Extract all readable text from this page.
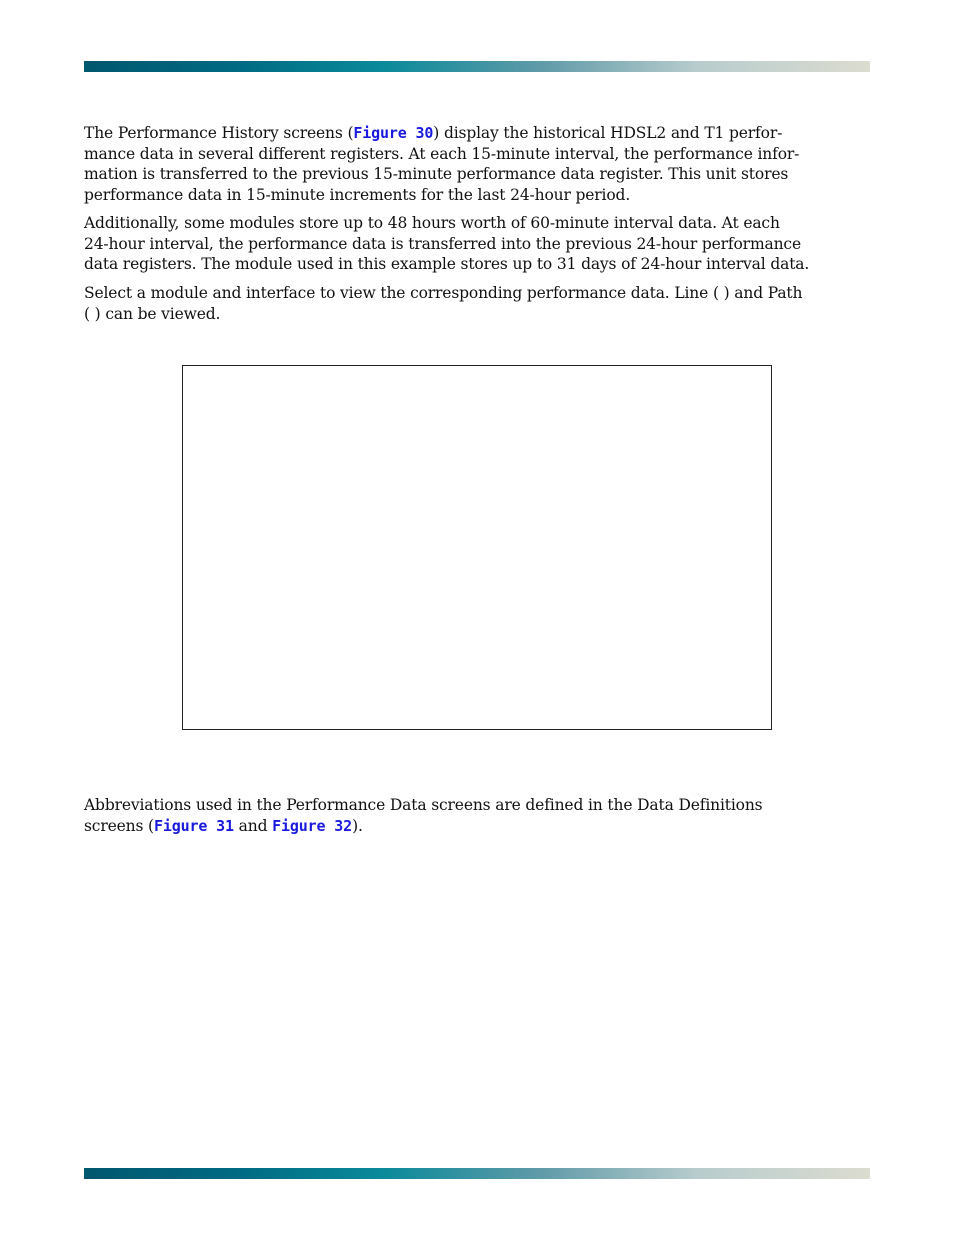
The Performance History screens (Figure 30) display the historical HDSL2 and T1 perfor-
mance data in several different registers. At each 15-minute interval, the performance infor-
mation is transferred to the previous 15-minute performance data register. This unit stores
performance data in 15-minute increments for the last 24-hour period.

Additionally, some modules store up to 48 hours worth of 60-minute interval data. At each
24-hour interval, the performance data is transferred into the previous 24-hour performance
data registers. The module used in this example stores up to 31 days of 24-hour interval data.

Select a module and interface to view the corresponding performance data. Line ( ) and Path
( ) can be viewed.

Abbreviations used in the Performance Data screens are defined in the Data Definitions
screens (Figure 31 and Figure 32).
